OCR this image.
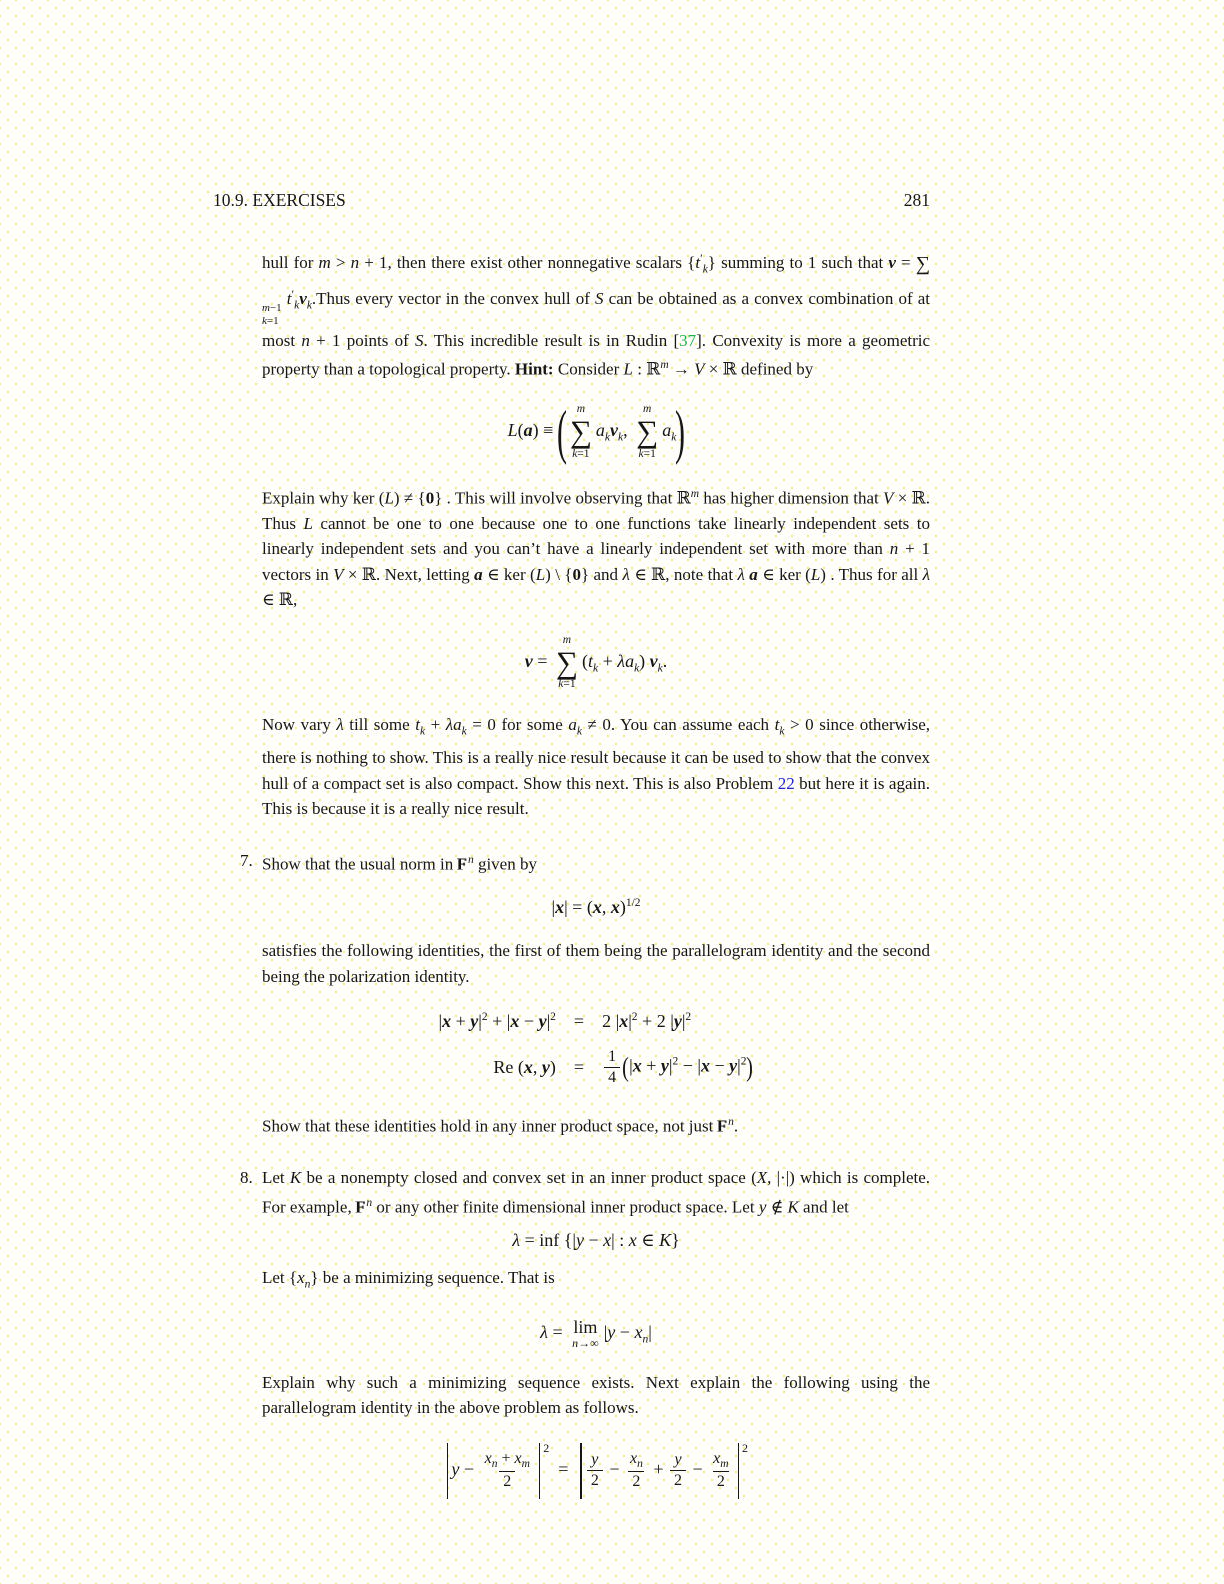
10.9. EXERCISES	281

hull for m > n + 1, then there exist other nonnegative scalars $\{t'_k\}$ summing to 1 such that v = ∑
m−1
k=1
$t'_kv_k.Thus$ every vector in the convex hull of S can be obtained as a convex combination of at most n + 1 points of S. This incredible result is in Rudin [37]. Convexity is more a geometric property than a topological property. Hint: Consider L : ℝ$^m$ → V × ℝ defined by

L(a) ≡ ( m
∑
k=1
$a_kv_k$,
m
∑
k=1
$a_k$)

Explain why ker (L) ≠ {0} . This will involve observing that ℝ$^m$ has higher dimension that V × ℝ. Thus L cannot be one to one because one to one functions take linearly independent sets to linearly independent sets and you can’t have a linearly independent set with more than n + 1 vectors in V × ℝ. Next, letting a ∈ ker (L) \ {0} and λ ∈ ℝ, note that λ a ∈ ker (L) . Thus for all λ ∈ ℝ,

v =
m
∑
k=1
$(t_k + \lambda a_k)$ $v_k$.

Now vary λ till some $t_k + \lambda a_k = 0$ for some $a_k \ne 0$. You can assume each $t_k > 0$ since otherwise, there is nothing to show. This is a really nice result because it can be used to show that the convex hull of a compact set is also compact. Show this next. This is also Problem 22 but here it is again. This is because it is a really nice result.

7. Show that the usual norm in $F^n$ given by

|x| = (x, x)$^{1/2}$

satisfies the following identities, the first of them being the parallelogram identity and the second being the polarization identity.

$|x + y|^2 + |x - y|^2 = 2$ $|x|^2 + 2$ $|y|^2$
Re (x, $y) = \frac{1}{4} (|x + y|^2 - |x - y|^2)$

Show that these identities hold in any inner product space, not just $F^n$.

8. Let K be a nonempty closed and convex set in an inner product space (X, |·|) which is complete. For example, $F^n$ or any other finite dimensional inner product space. Let y ∉ K and let

λ = inf {|y − x| : x ∈ K}

Let $\{x_n\}$ be a minimizing sequence. That is

λ = lim
n→∞
$|y - x_n|$

Explain why such a minimizing sequence exists. Next explain the following using the parallelogram identity in the above problem as follows.

$y - \frac{x_n + x_m}{2}$
$^2 = \frac{y}{2} - \frac{x_n}{2} + \frac{y}{2} - \frac{x_m}{2}$
$^2$
